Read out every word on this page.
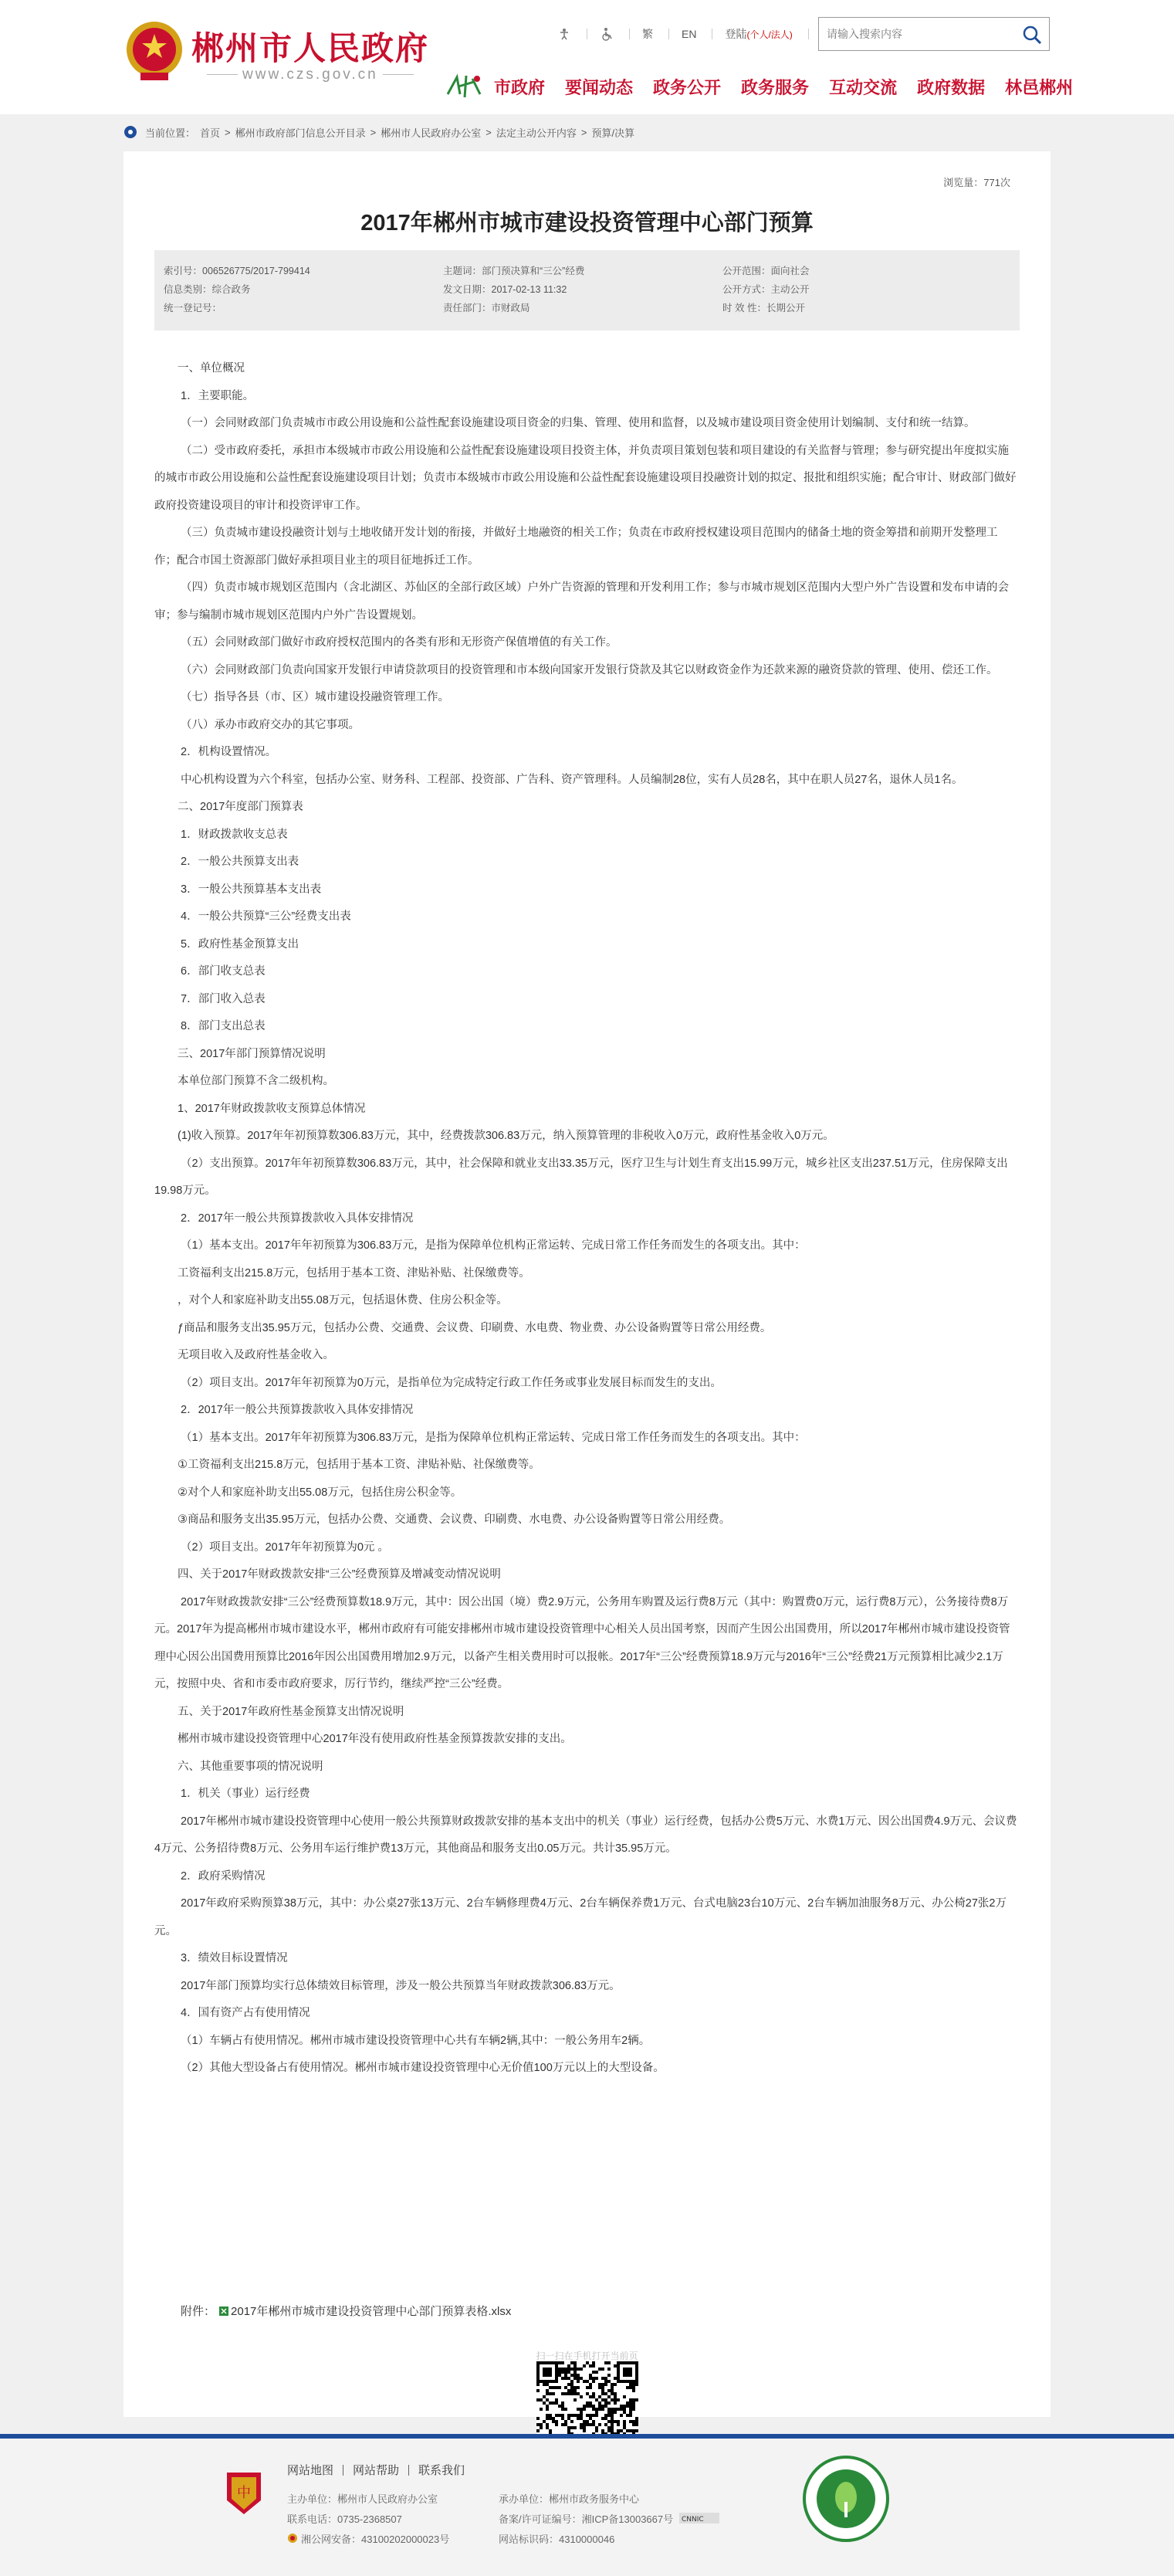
郴州市人民政府
www.czs.gov.cn
繁	EN	登陆 (个人/法人)
请输入搜索内容
市政府 要闻动态 政务公开 政务服务 互动交流 政府数据 林邑郴州
当前位置： 首页 > 郴州市政府部门信息公开目录 > 郴州市人民政府办公室 > 法定主动公开内容 > 预算/决算
浏览量：771次
2017年郴州市城市建设投资管理中心部门预算
索引号：006526775/2017-799414	主题词：部门预决算和“三公”经费	公开范围：面向社会
信息类别：综合政务	发文日期：2017-02-13 11:32	公开方式：主动公开
统一登记号：	责任部门：市财政局	时 效 性：长期公开

一、单位概况

1．主要职能。

（一）会同财政部门负责城市市政公用设施和公益性配套设施建设项目资金的归集、管理、使用和监督，以及城市建设项目资金使用计划编制、支付和统一结算。

（二）受市政府委托，承担市本级城市市政公用设施和公益性配套设施建设项目投资主体，并负责项目策划包装和项目建设的有关监督与管理；参与研究提出年度拟实施的城市市政公用设施和公益性配套设施建设项目计划；负责市本级城市市政公用设施和公益性配套设施建设项目投融资计划的拟定、报批和组织实施；配合审计、财政部门做好政府投资建设项目的审计和投资评审工作。

（三）负责城市建设投融资计划与土地收储开发计划的衔接，并做好土地融资的相关工作；负责在市政府授权建设项目范围内的储备土地的资金筹措和前期开发整理工作；配合市国土资源部门做好承担项目业主的项目征地拆迁工作。

（四）负责市城市规划区范围内（含北湖区、苏仙区的全部行政区域）户外广告资源的管理和开发利用工作；参与市城市规划区范围内大型户外广告设置和发布申请的会审；参与编制市城市规划区范围内户外广告设置规划。

（五）会同财政部门做好市政府授权范围内的各类有形和无形资产保值增值的有关工作。

（六）会同财政部门负责向国家开发银行申请贷款项目的投资管理和市本级向国家开发银行贷款及其它以财政资金作为还款来源的融资贷款的管理、使用、偿还工作。

（七）指导各县（市、区）城市建设投融资管理工作。

（八）承办市政府交办的其它事项。

2．机构设置情况。

中心机构设置为六个科室，包括办公室、财务科、工程部、投资部、广告科、资产管理科。人员编制28位，实有人员28名，其中在职人员27名，退休人员1名。

二、2017年度部门预算表

1．财政拨款收支总表

2．一般公共预算支出表

3．一般公共预算基本支出表

4．一般公共预算“三公”经费支出表

5．政府性基金预算支出

6．部门收支总表

7．部门收入总表

8．部门支出总表

三、2017年部门预算情况说明

本单位部门预算不含二级机构。

1、2017年财政拨款收支预算总体情况

(1)收入预算。2017年年初预算数306.83万元，其中，经费拨款306.83万元，纳入预算管理的非税收入0万元，政府性基金收入0万元。

（2）支出预算。2017年年初预算数306.83万元，其中，社会保障和就业支出33.35万元，医疗卫生与计划生育支出15.99万元，城乡社区支出237.51万元，住房保障支出19.98万元。

2．2017年一般公共预算拨款收入具体安排情况

（1）基本支出。2017年年初预算为306.83万元，是指为保障单位机构正常运转、完成日常工作任务而发生的各项支出。其中：

工资福利支出215.8万元，包括用于基本工资、津贴补贴、社保缴费等。

，对个人和家庭补助支出55.08万元，包括退休费、住房公积金等。

ƒ商品和服务支出35.95万元，包括办公费、交通费、会议费、印刷费、水电费、物业费、办公设备购置等日常公用经费。

无项目收入及政府性基金收入。

（2）项目支出。2017年年初预算为0万元，是指单位为完成特定行政工作任务或事业发展目标而发生的支出。

2．2017年一般公共预算拨款收入具体安排情况

（1）基本支出。2017年年初预算为306.83万元，是指为保障单位机构正常运转、完成日常工作任务而发生的各项支出。其中：

①工资福利支出215.8万元，包括用于基本工资、津贴补贴、社保缴费等。

②对个人和家庭补助支出55.08万元，包括住房公积金等。

③商品和服务支出35.95万元，包括办公费、交通费、会议费、印刷费、水电费、办公设备购置等日常公用经费。

（2）项目支出。2017年年初预算为0元 。

四、关于2017年财政拨款安排“三公”经费预算及增减变动情况说明

2017年财政拨款安排“三公”经费预算数18.9万元，其中：因公出国（境）费2.9万元，公务用车购置及运行费8万元（其中：购置费0万元，运行费8万元），公务接待费8万元。2017年为提高郴州市城市建设水平，郴州市政府有可能安排郴州市城市建设投资管理中心相关人员出国考察，因而产生因公出国费用，所以2017年郴州市城市建设投资管理中心因公出国费用预算比2016年因公出国费用增加2.9万元，以备产生相关费用时可以报帐。2017年“三公”经费预算18.9万元与2016年“三公”经费21万元预算相比减少2.1万元，按照中央、省和市委市政府要求，厉行节约，继续严控“三公”经费。

五、关于2017年政府性基金预算支出情况说明

郴州市城市建设投资管理中心2017年没有使用政府性基金预算拨款安排的支出。

六、其他重要事项的情况说明

1．机关（事业）运行经费

2017年郴州市城市建设投资管理中心使用一般公共预算财政拨款安排的基本支出中的机关（事业）运行经费，包括办公费5万元、水费1万元、因公出国费4.9万元、会议费4万元、公务招待费8万元、公务用车运行维护费13万元，其他商品和服务支出0.05万元。共计35.95万元。

2．政府采购情况

2017年政府采购预算38万元，其中：办公桌27张13万元、2台车辆修理费4万元、2台车辆保养费1万元、台式电脑23台10万元、2台车辆加油服务8万元、办公椅27张2万元。

3．绩效目标设置情况

2017年部门预算均实行总体绩效目标管理，涉及一般公共预算当年财政拨款306.83万元。

4．国有资产占有使用情况

（1）车辆占有使用情况。郴州市城市建设投资管理中心共有车辆2辆,其中：一般公务用车2辆。

（2）其他大型设备占有使用情况。郴州市城市建设投资管理中心无价值100万元以上的大型设备。

附件： 2017年郴州市城市建设投资管理中心部门预算表格.xlsx
扫一扫在手机打开当前页
中
网站地图 网站帮助 联系我们
主办单位：郴州市人民政府办公室	承办单位：郴州市政务服务中心
联系电话：0735-2368507	备案/许可证编号：湘ICP备13003667号 CNNIC
湘公网安备：43100202000023号	网站标识码：4310000046
